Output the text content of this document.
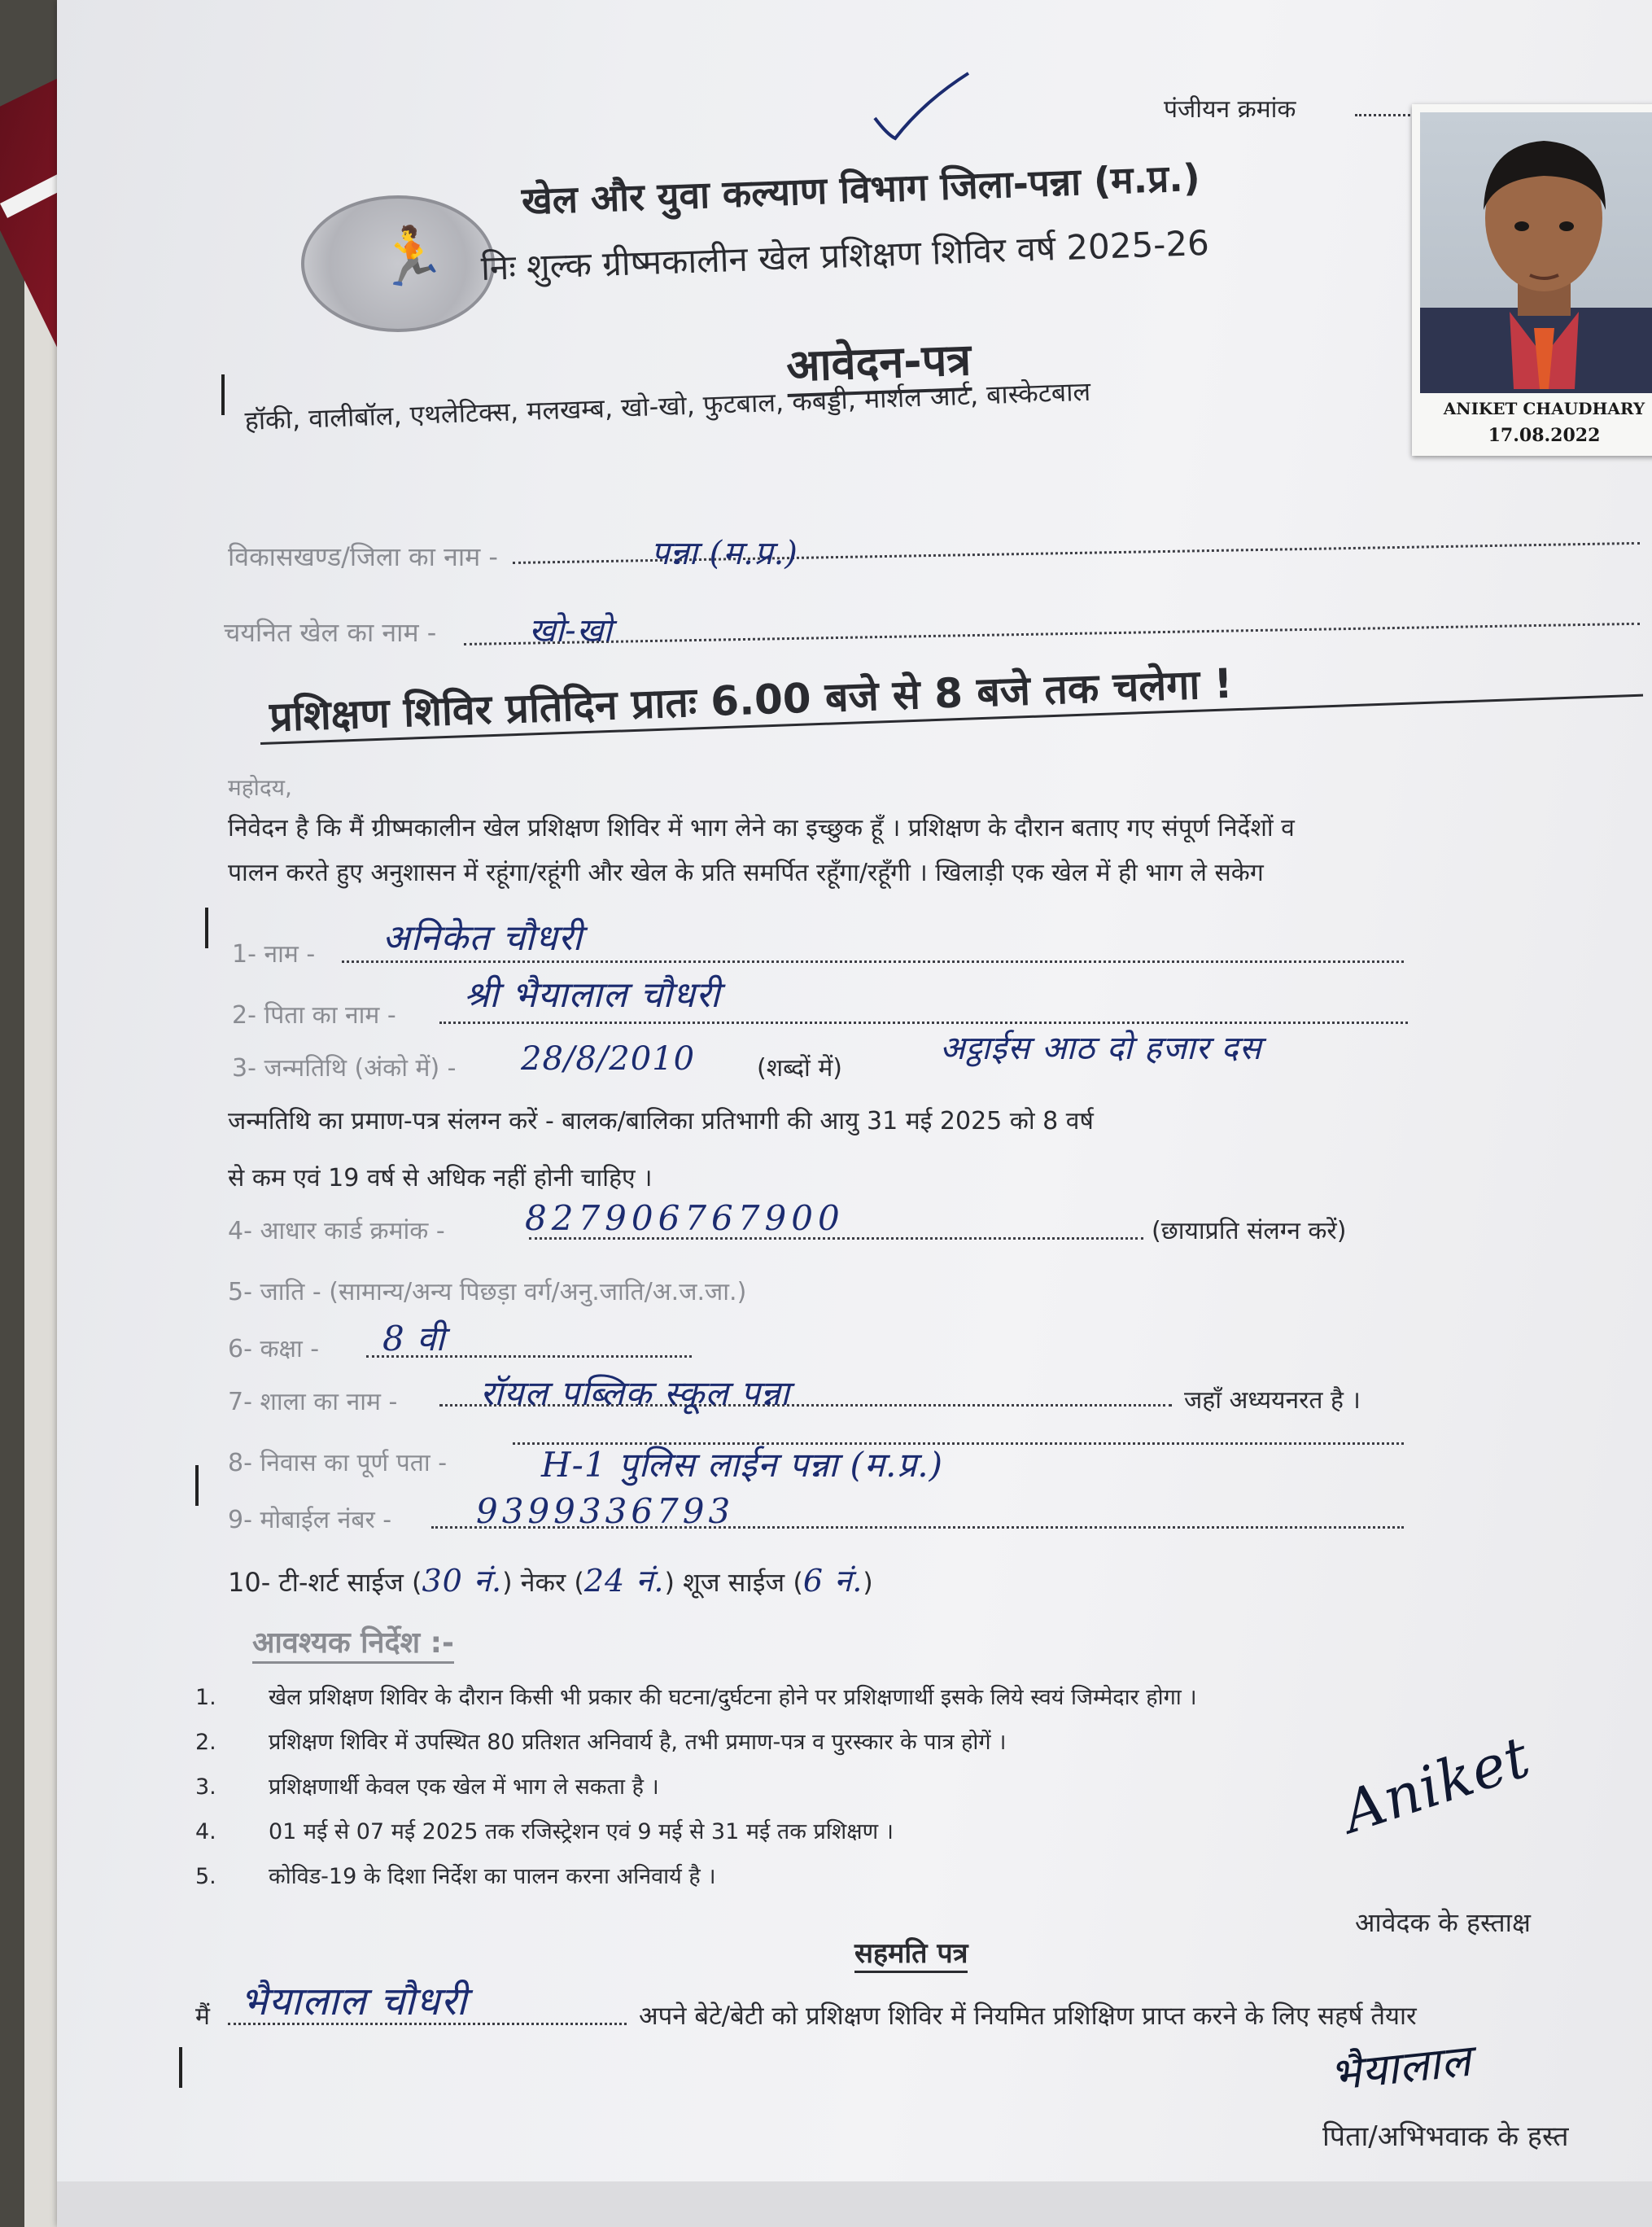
पंजीयन क्रमांक
🏃
खेल और युवा कल्याण विभाग जिला-पन्ना (म.प्र.)
निः शुल्क ग्रीष्मकालीन खेल प्रशिक्षण शिविर वर्ष 2025-26
आवेदन-पत्र
हॉकी, वालीबॉल, एथलेटिक्स, मलखम्ब, खो-खो, फुटबाल, कबड्डी, मार्शल आर्ट, बास्केटबाल	ANIKET CHAUDHARY
17.08.2022
विकासखण्ड/जिला का नाम -	पन्ना (म.प्र.)
चयनित खेल का नाम -	खो-खो
प्रशिक्षण शिविर प्रतिदिन प्रातः 6.00 बजे से 8 बजे तक चलेगा !
महोदय,
निवेदन है कि मैं ग्रीष्मकालीन खेल प्रशिक्षण शिविर में भाग लेने का इच्छुक हूँ । प्रशिक्षण के दौरान बताए गए संपूर्ण निर्देशों व
पालन करते हुए अनुशासन में रहूंगा/रहूंगी और खेल के प्रति समर्पित रहूँगा/रहूँगी । खिलाड़ी एक खेल में ही भाग ले सकेग
1- नाम - अनिकेत चौधरी
2- पिता का नाम - श्री भैयालाल चौधरी
3- जन्मतिथि (अंको में) - 28/8/2010	(शब्दों में)
अट्ठाईस आठ दो हजार दस
जन्मतिथि का प्रमाण-पत्र संलग्न करें - बालक/बालिका प्रतिभागी की आयु 31 मई 2025 को 8 वर्ष
से कम एवं 19 वर्ष से अधिक नहीं होनी चाहिए ।
4- आधार कार्ड क्रमांक - 827906767900	(छायाप्रति संलग्न करें)
5- जाति - (सामान्य/अन्य पिछड़ा वर्ग/अनु.जाति/अ.ज.जा.)
6- कक्षा - 8 वी
7- शाला का नाम - रॉयल पब्लिक स्कूल पन्ना	जहाँ अध्ययनरत है ।
8- निवास का पूर्ण पता -	H-1 पुलिस लाईन पन्ना (म.प्र.)
9- मोबाईल नंबर - 9399336793
10- टी-शर्ट साईज (30 नं.) नेकर (24 नं.) शूज साईज (6 नं.)
आवश्यक निर्देश :-
1. खेल प्रशिक्षण शिविर के दौरान किसी भी प्रकार की घटना/दुर्घटना होने पर प्रशिक्षणार्थी इसके लिये स्वयं जिम्मेदार होगा ।
2. प्रशिक्षण शिविर में उपस्थित 80 प्रतिशत अनिवार्य है, तभी प्रमाण-पत्र व पुरस्कार के पात्र होगें ।
3. प्रशिक्षणार्थी केवल एक खेल में भाग ले सकता है ।
4. 01 मई से 07 मई 2025 तक रजिस्ट्रेशन एवं 9 मई से 31 मई तक प्रशिक्षण ।
5. कोविड-19 के दिशा निर्देश का पालन करना अनिवार्य है ।
Aniket
आवेदक के हस्ताक्ष
सहमति पत्र
मैं भैयालाल चौधरी	अपने बेटे/बेटी को प्रशिक्षण शिविर में नियमित प्रशिक्षिण प्राप्त करने के लिए सहर्ष तैयार
भैयालाल
पिता/अभिभवाक के हस्त
